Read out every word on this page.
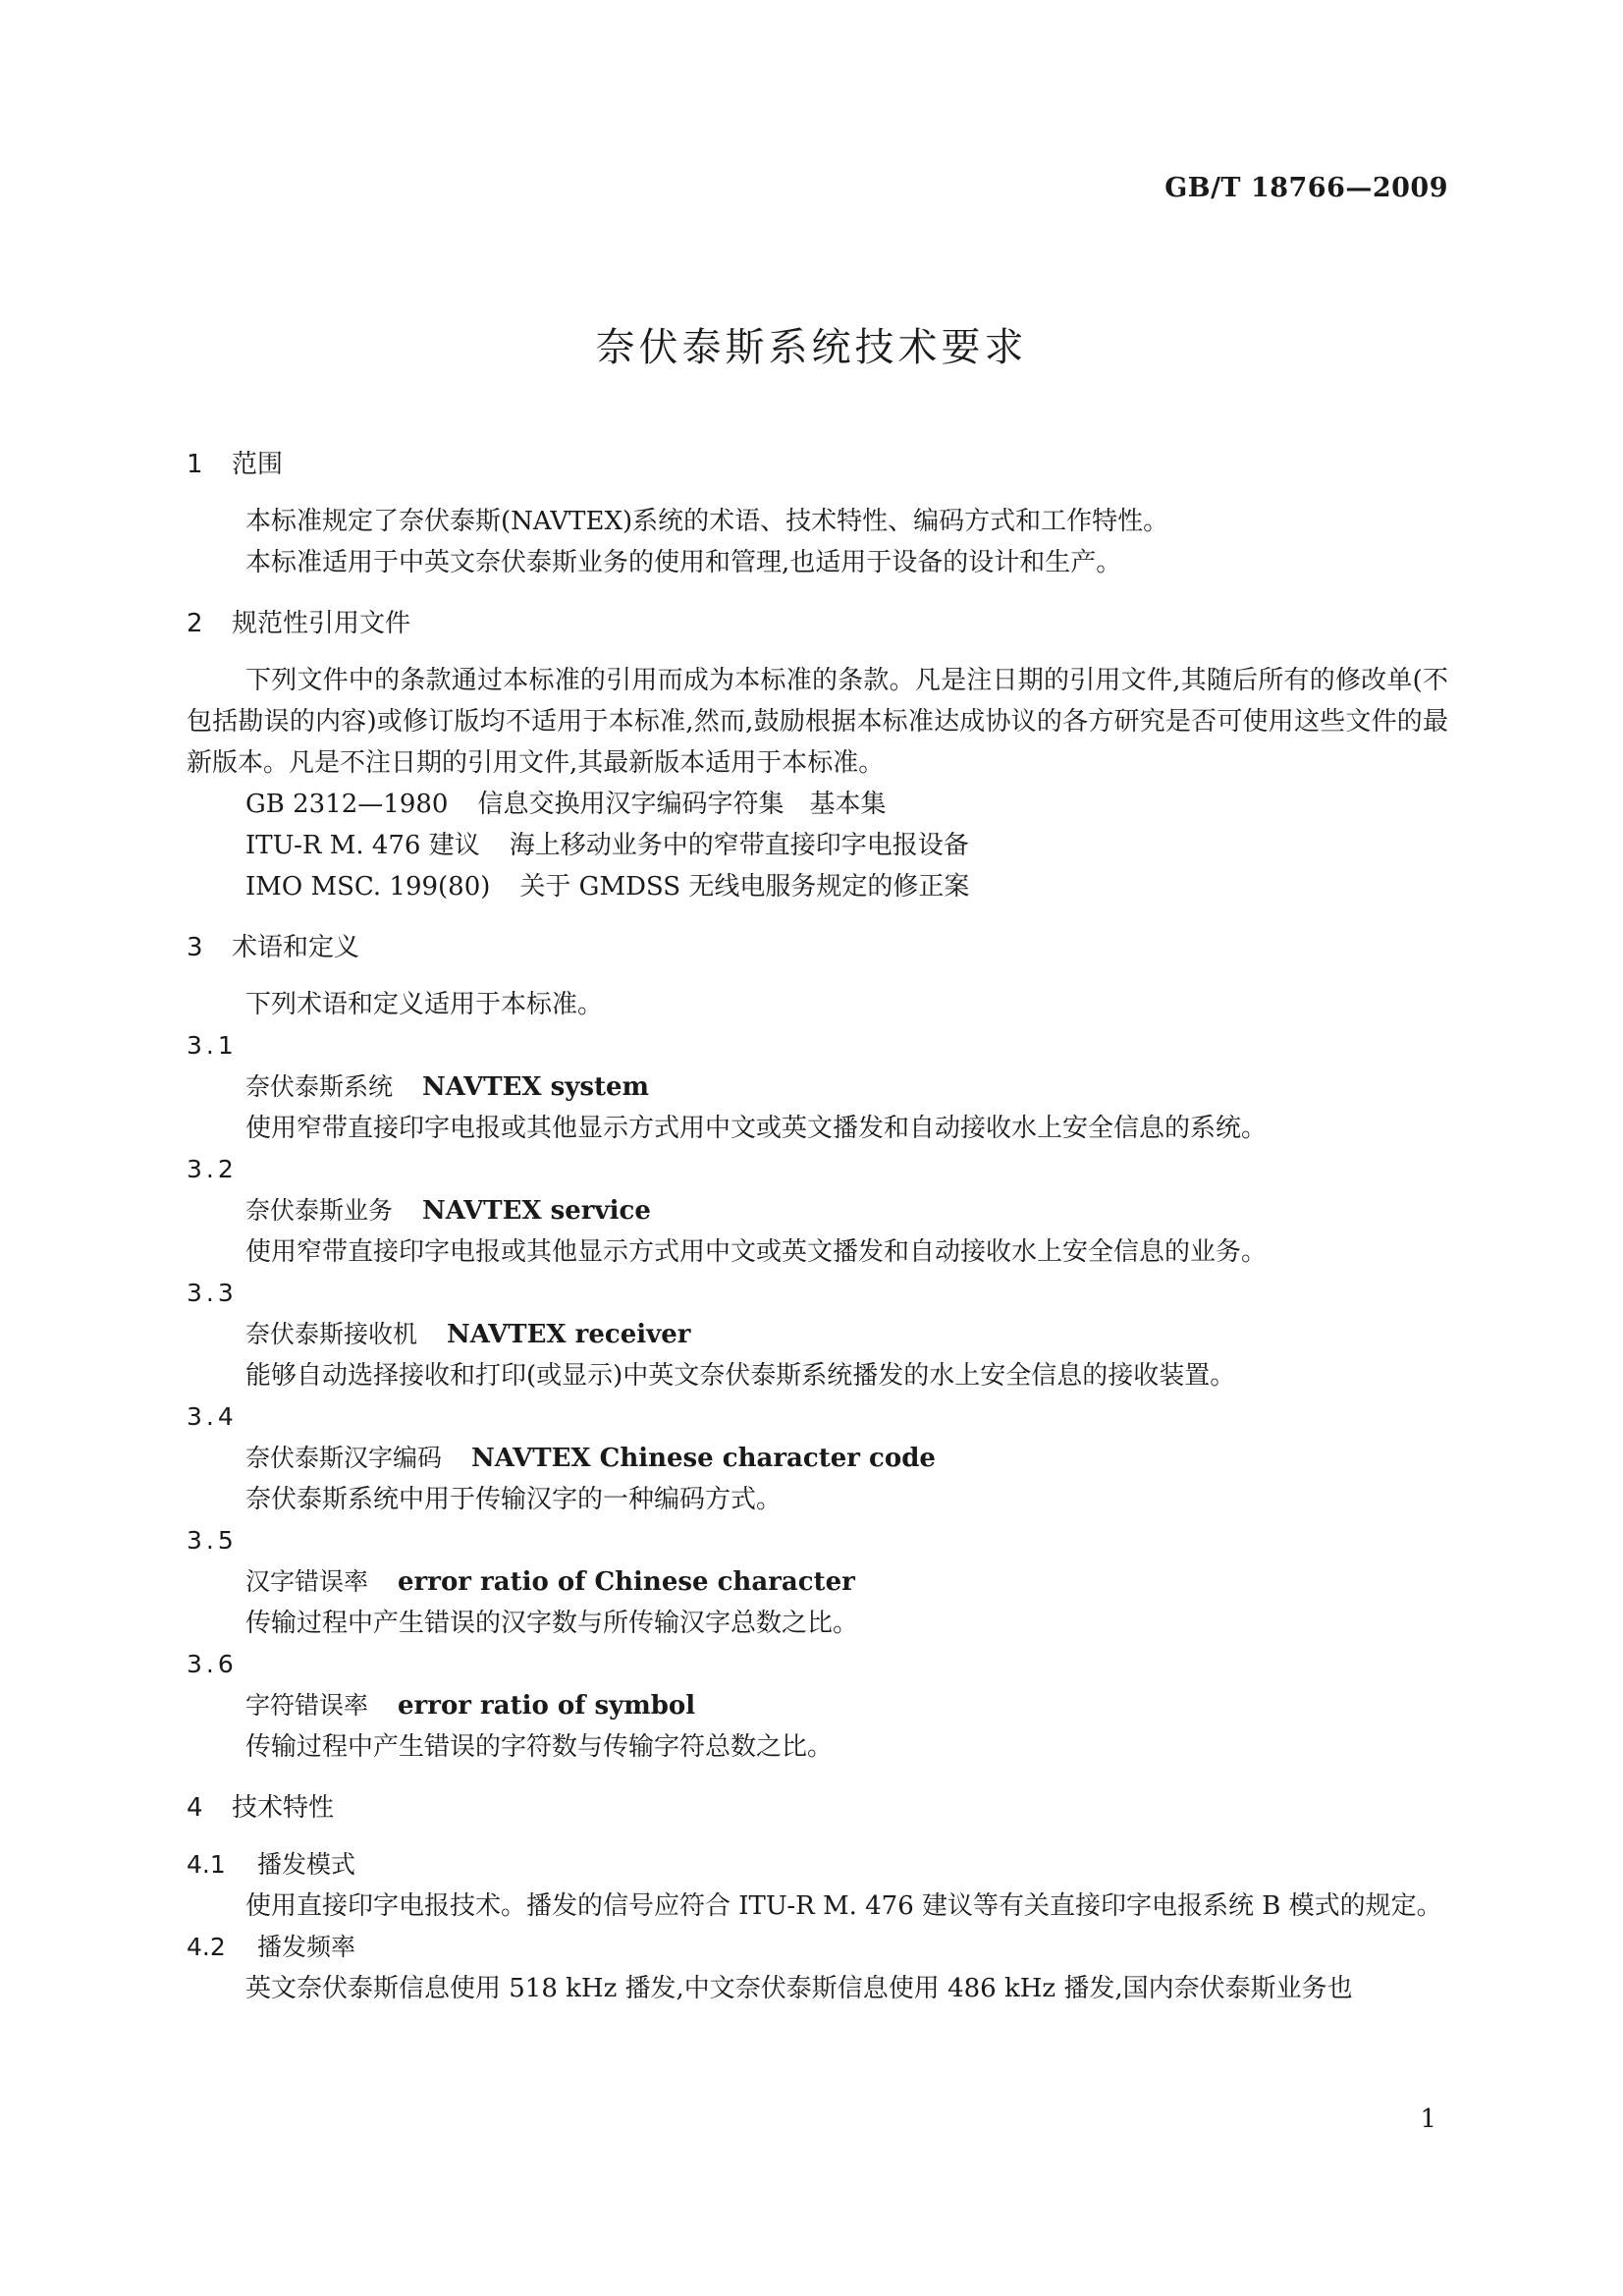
GB/T 18766—2009
奈伏泰斯系统技术要求
1 范围
本标准规定了奈伏泰斯(NAVTEX)系统的术语、技术特性、编码方式和工作特性。
本标准适用于中英文奈伏泰斯业务的使用和管理,也适用于设备的设计和生产。
2 规范性引用文件
下列文件中的条款通过本标准的引用而成为本标准的条款。凡是注日期的引用文件,其随后所有的修改单(不包括勘误的内容)或修订版均不适用于本标准,然而,鼓励根据本标准达成协议的各方研究是否可使用这些文件的最新版本。凡是不注日期的引用文件,其最新版本适用于本标准。
GB 2312—1980 信息交换用汉字编码字符集　基本集
ITU-R M. 476 建议 海上移动业务中的窄带直接印字电报设备
IMO MSC. 199(80) 关于 GMDSS 无线电服务规定的修正案
3 术语和定义
下列术语和定义适用于本标准。
3.1
奈伏泰斯系统 NAVTEX system
使用窄带直接印字电报或其他显示方式用中文或英文播发和自动接收水上安全信息的系统。
3.2
奈伏泰斯业务 NAVTEX service
使用窄带直接印字电报或其他显示方式用中文或英文播发和自动接收水上安全信息的业务。
3.3
奈伏泰斯接收机 NAVTEX receiver
能够自动选择接收和打印(或显示)中英文奈伏泰斯系统播发的水上安全信息的接收装置。
3.4
奈伏泰斯汉字编码 NAVTEX Chinese character code
奈伏泰斯系统中用于传输汉字的一种编码方式。
3.5
汉字错误率 error ratio of Chinese character
传输过程中产生错误的汉字数与所传输汉字总数之比。
3.6
字符错误率 error ratio of symbol
传输过程中产生错误的字符数与传输字符总数之比。
4 技术特性
4.1 播发模式
使用直接印字电报技术。播发的信号应符合 ITU-R M. 476 建议等有关直接印字电报系统 B 模式的规定。
4.2 播发频率
英文奈伏泰斯信息使用 518 kHz 播发,中文奈伏泰斯信息使用 486 kHz 播发,国内奈伏泰斯业务也
1
